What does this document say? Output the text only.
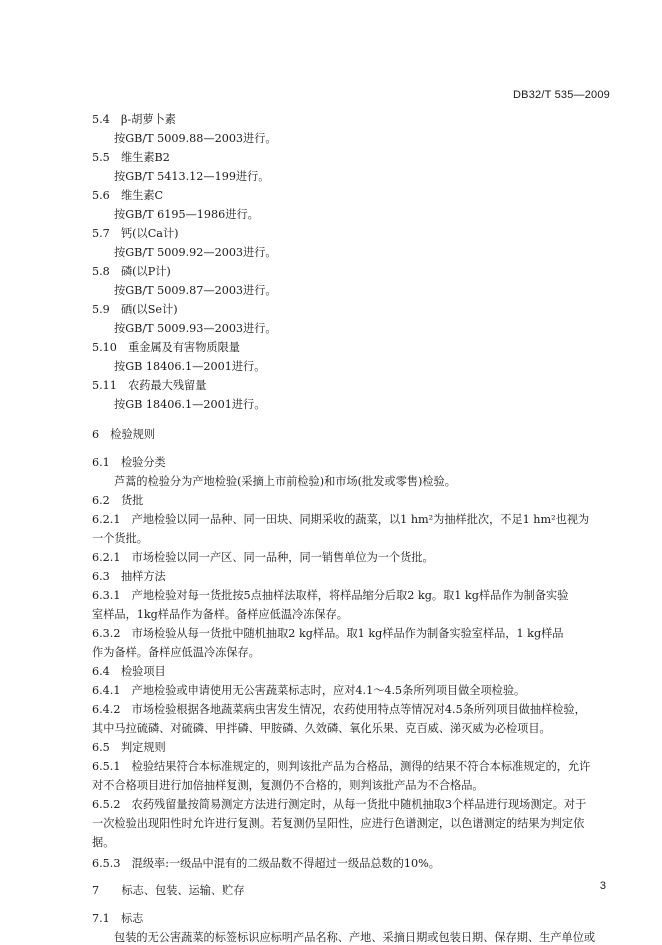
DB32/T 535—2009
5.4　β-胡萝卜素
按GB/T 5009.88—2003进行。
5.5　维生素B2
按GB/T 5413.12—199进行。
5.6　维生素C
按GB/T 6195—1986进行。
5.7　钙(以Ca计)
按GB/T 5009.92—2003进行。
5.8　磷(以P计)
按GB/T 5009.87—2003进行。
5.9　硒(以Se计)
按GB/T 5009.93—2003进行。
5.10　重金属及有害物质限量
按GB 18406.1—2001进行。
5.11　农药最大残留量
按GB 18406.1—2001进行。
6　检验规则
6.1　检验分类
芦蒿的检验分为产地检验(采摘上市前检验)和市场(批发或零售)检验。
6.2　货批
6.2.1　产地检验以同一品种、同一田块、同期采收的蔬菜，以1 hm²为抽样批次，不足1 hm²也视为
一个货批。
6.2.1　市场检验以同一产区、同一品种，同一销售单位为一个货批。
6.3　抽样方法
6.3.1　产地检验对每一货批按5点抽样法取样，将样品缩分后取2 kg。取1 kg样品作为制备实验
室样品，1kg样品作为备样。备样应低温冷冻保存。
6.3.2　市场检验从每一货批中随机抽取2 kg样品。取1 kg样品作为制备实验室样品，1 kg样品
作为备样。备样应低温冷冻保存。
6.4　检验项目
6.4.1　产地检验或申请使用无公害蔬菜标志时，应对4.1～4.5条所列项目做全项检验。
6.4.2　市场检验根据各地蔬菜病虫害发生情况，农药使用特点等情况对4.5条所列项目做抽样检验，
其中马拉硫磷、对硫磷、甲拌磷、甲胺磷、久效磷、氧化乐果、克百威、涕灭威为必检项目。
6.5　判定规则
6.5.1　检验结果符合本标准规定的，则判该批产品为合格品，测得的结果不符合本标准规定的，允许
对不合格项目进行加倍抽样复测，复测仍不合格的，则判该批产品为不合格品。
6.5.2　农药残留量按简易测定方法进行测定时，从每一货批中随机抽取3个样品进行现场测定。对于
一次检验出现阳性时允许进行复测。若复测仍呈阳性，应进行色谱测定，以色谱测定的结果为判定依
据。
6.5.3　混级率:一级品中混有的二级品数不得超过一级品总数的10%。
7　　标志、包装、运输、贮存
7.1　标志
包装的无公害蔬菜的标签标识应标明产品名称、产地、采摘日期或包装日期、保存期、生产单位或
3
